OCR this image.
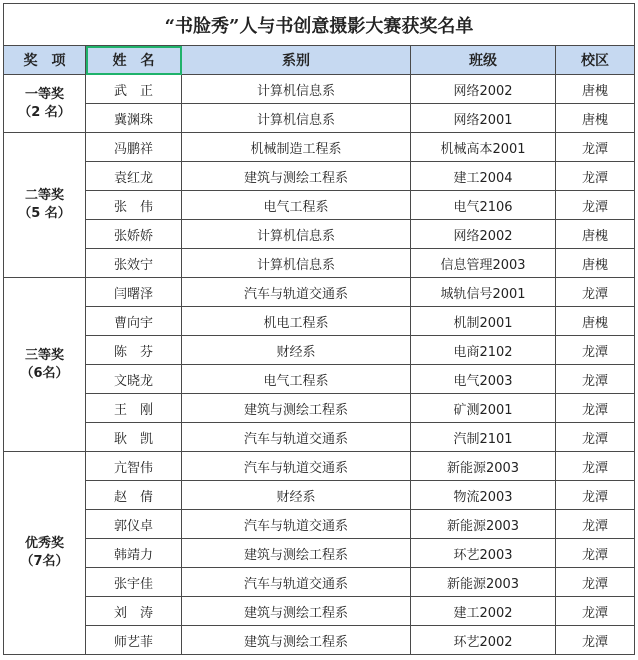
“书脸秀”人与书创意摄影大赛获奖名单				
奖　项	姓　名	系别	班级	校区

一等奖
（2 名）	武　正	计算机信息系	网络2002	唐槐
	冀渊珠	计算机信息系	网络2001	唐槐

二等奖
（5 名）	冯鹏祥	机械制造工程系	机械高本2001	龙潭
	袁红龙	建筑与测绘工程系	建工2004	龙潭
	张　伟	电气工程系	电气2106	龙潭
	张娇娇	计算机信息系	网络2002	唐槐
	张效宁	计算机信息系	信息管理2003	唐槐

三等奖
（6名）	闫曙泽	汽车与轨道交通系	城轨信号2001	龙潭
	曹向宇	机电工程系	机制2001	唐槐
	陈　芬	财经系	电商2102	龙潭
	文晓龙	电气工程系	电气2003	龙潭
	王　刚	建筑与测绘工程系	矿测2001	龙潭
	耿　凯	汽车与轨道交通系	汽制2101	龙潭

优秀奖
（7名）	亢智伟	汽车与轨道交通系	新能源2003	龙潭
	赵　倩	财经系	物流2003	龙潭
	郭仪卓	汽车与轨道交通系	新能源2003	龙潭
	韩靖力	建筑与测绘工程系	环艺2003	龙潭
	张宇佳	汽车与轨道交通系	新能源2003	龙潭
	刘　涛	建筑与测绘工程系	建工2002	龙潭
	师艺菲	建筑与测绘工程系	环艺2002	龙潭
